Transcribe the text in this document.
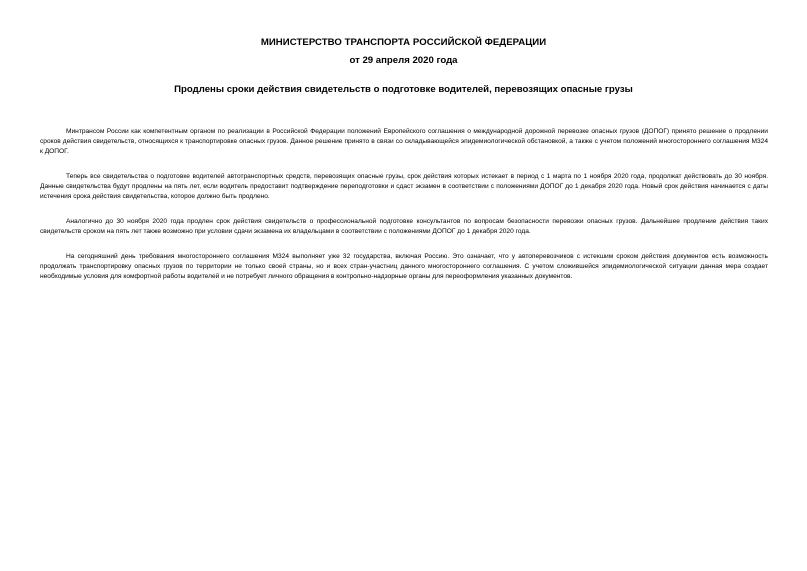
МИНИСТЕРСТВО ТРАНСПОРТА РОССИЙСКОЙ ФЕДЕРАЦИИ
от 29 апреля 2020 года
Продлены сроки действия свидетельств о подготовке водителей, перевозящих опасные грузы

Минтрансом России как компетентным органом по реализации в Российской Федерации положений Европейского соглашения о международной дорожной перевозке опасных грузов (ДОПОГ) принято решение о продлении сроков действия свидетельств, относящихся к транспортировке опасных грузов. Данное решение принято в связи со складывающейся эпидемиологической обстановкой, а также с учетом положений многостороннего соглашения М324 к ДОПОГ.

Теперь все свидетельства о подготовке водителей автотранспортных средств, перевозящих опасные грузы, срок действия которых истекает в период с 1 марта по 1 ноября 2020 года, продолжат действовать до 30 ноября. Данные свидетельства будут продлены на пять лет, если водитель предоставит подтверждение переподготовки и сдаст экзамен в соответствии с положениями ДОПОГ до 1 декабря 2020 года. Новый срок действия начинается с даты истечения срока действия свидетельства, которое должно быть продлено.

Аналогично до 30 ноября 2020 года продлен срок действия свидетельств о профессиональной подготовке консультантов по вопросам безопасности перевозки опасных грузов. Дальнейшее продление действия таких свидетельств сроком на пять лет также возможно при условии сдачи экзамена их владельцами в соответствии с положениями ДОПОГ до 1 декабря 2020 года.

На сегодняшний день требования многостороннего соглашения М324 выполняет уже 32 государства, включая Россию. Это означает, что у автоперевозчиков с истекшим сроком действия документов есть возможность продолжать транспортировку опасных грузов по территории не только своей страны, но и всех стран-участниц данного многостороннего соглашения. С учетом сложившейся эпидемиологической ситуации данная мера создает необходимые условия для комфортной работы водителей и не потребует личного обращения в контрольно-надзорные органы для переоформления указанных документов.
